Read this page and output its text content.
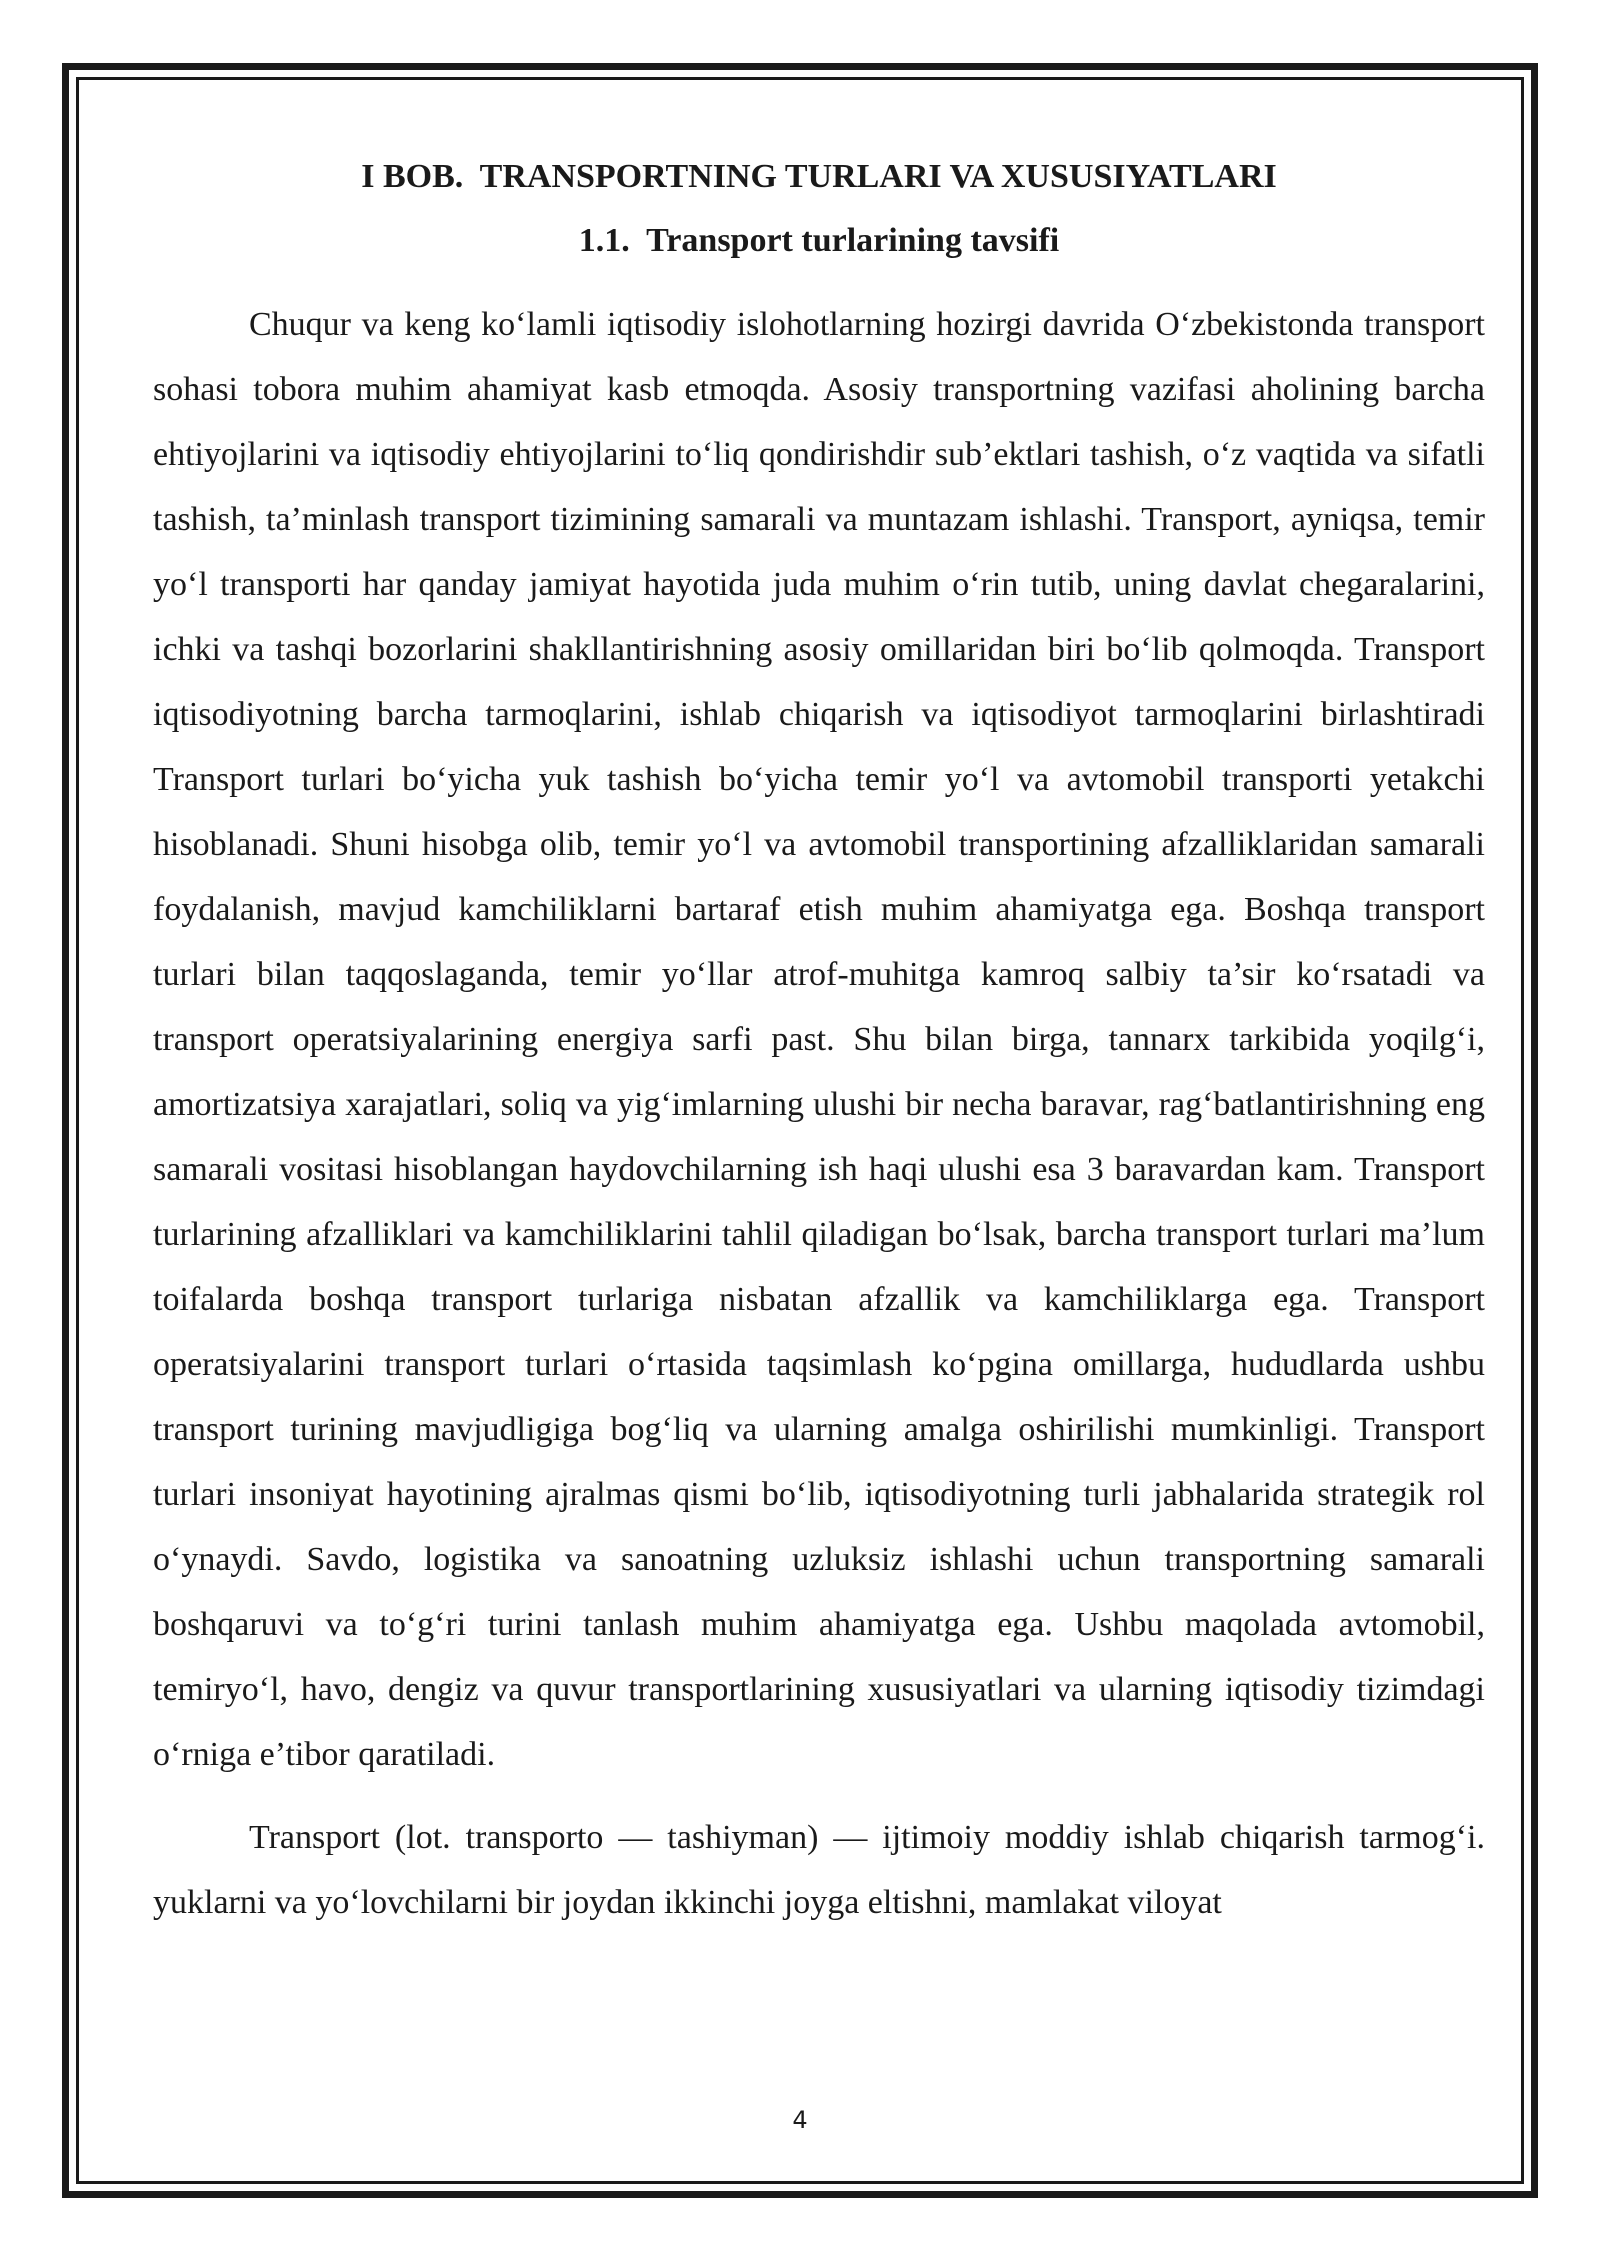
I BOB.  TRANSPORTNING TURLARI VA XUSUSIYATLARI
1.1.  Transport turlarining tavsifi

Chuqur va keng ko‘lamli iqtisodiy islohotlarning hozirgi davrida O‘zbekistonda transport sohasi tobora muhim ahamiyat kasb etmoqda. Asosiy transportning vazifasi aholining barcha ehtiyojlarini va iqtisodiy ehtiyojlarini to‘liq qondirishdir sub’ektlari tashish, o‘z vaqtida va sifatli tashish, ta’minlash transport tizimining samarali va muntazam ishlashi. Transport, ayniqsa, temir yo‘l transporti har qanday jamiyat hayotida juda muhim o‘rin tutib, uning davlat chegaralarini, ichki va tashqi bozorlarini shakllantirishning asosiy omillaridan biri bo‘lib qolmoqda. Transport iqtisodiyotning barcha tarmoqlarini, ishlab chiqarish va iqtisodiyot tarmoqlarini birlashtiradi Transport turlari bo‘yicha yuk tashish bo‘yicha temir yo‘l va avtomobil transporti yetakchi hisoblanadi. Shuni hisobga olib, temir yo‘l va avtomobil transportining afzalliklaridan samarali foydalanish, mavjud kamchiliklarni bartaraf etish muhim ahamiyatga ega. Boshqa transport turlari bilan taqqoslaganda, temir yo‘llar atrof-muhitga kamroq salbiy ta’sir ko‘rsatadi va transport operatsiyalarining energiya sarfi past. Shu bilan birga, tannarx tarkibida yoqilg‘i, amortizatsiya xarajatlari, soliq va yig‘imlarning ulushi bir necha baravar, rag‘batlantirishning eng samarali vositasi hisoblangan haydovchilarning ish haqi ulushi esa 3 baravardan kam. Transport turlarining afzalliklari va kamchiliklarini tahlil qiladigan bo‘lsak, barcha transport turlari ma’lum toifalarda boshqa transport turlariga nisbatan afzallik va kamchiliklarga ega. Transport operatsiyalarini transport turlari o‘rtasida taqsimlash ko‘pgina omillarga, hududlarda ushbu transport turining mavjudligiga bog‘liq va ularning amalga oshirilishi mumkinligi. Transport turlari insoniyat hayotining ajralmas qismi bo‘lib, iqtisodiyotning turli jabhalarida strategik rol o‘ynaydi. Savdo, logistika va sanoatning uzluksiz ishlashi uchun transportning samarali boshqaruvi va to‘g‘ri turini tanlash muhim ahamiyatga ega. Ushbu maqolada avtomobil, temiryo‘l, havo, dengiz va quvur transportlarining xususiyatlari va ularning iqtisodiy tizimdagi o‘rniga e’tibor qaratiladi.

Transport (lot. transporto — tashiyman) — ijtimoiy moddiy ishlab chiqarish tarmog‘i. yuklarni va yo‘lovchilarni bir joydan ikkinchi joyga eltishni, mamlakat viloyat

4
